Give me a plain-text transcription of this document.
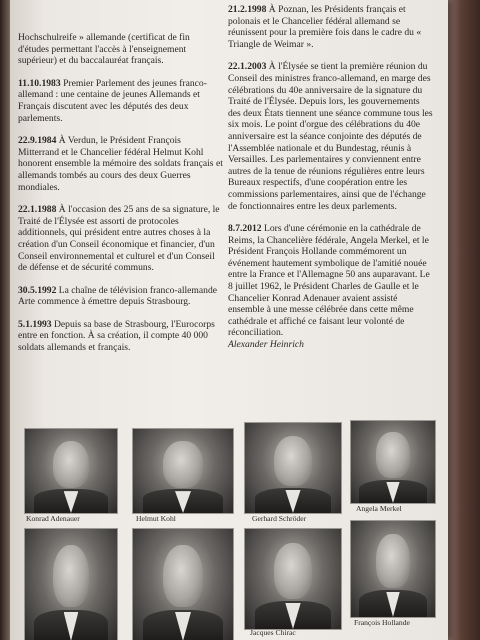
Hochschulreife » allemande (certificat de fin d'études permettant l'accès à l'enseignement supérieur) et du baccalauréat français.

11.10.1983 Premier Parlement des jeunes franco-allemand : une centaine de jeunes Allemands et Français discutent avec les députés des deux parlements.

22.9.1984 À Verdun, le Président François Mitterrand et le Chancelier fédéral Helmut Kohl honorent ensemble la mémoire des soldats français et allemands tombés au cours des deux Guerres mondiales.

22.1.1988 À l'occasion des 25 ans de sa signature, le Traité de l'Élysée est assorti de protocoles additionnels, qui président entre autres choses à la création d'un Conseil économique et financier, d'un Conseil environnemental et culturel et d'un Conseil de défense et de sécurité communs.

30.5.1992 La chaîne de télévision franco-allemande Arte commence à émettre depuis Strasbourg.

5.1.1993 Depuis sa base de Strasbourg, l'Eurocorps entre en fonction. À sa création, il compte 40 000 soldats allemands et français.

21.2.1998 À Poznan, les Présidents français et polonais et le Chancelier fédéral allemand se réunissent pour la première fois dans le cadre du « Triangle de Weimar ».

22.1.2003 À l'Élysée se tient la première réunion du Conseil des ministres franco-allemand, en marge des célébrations du 40e anniversaire de la signature du Traité de l'Élysée. Depuis lors, les gouvernements des deux États tiennent une séance commune tous les six mois. Le point d'orgue des célébrations du 40e anniversaire est la séance conjointe des députés de l'Assemblée nationale et du Bundestag, réunis à Versailles. Les parlementaires y conviennent entre autres de la tenue de réunions régulières entre leurs Bureaux respectifs, d'une coopération entre les commissions parlementaires, ainsi que de l'échange de fonctionnaires entre les deux parlements.

8.7.2012 Lors d'une cérémonie en la cathédrale de Reims, la Chancelière fédérale, Angela Merkel, et le Président François Hollande commémorent un événement hautement symbolique de l'amitié nouée entre la France et l'Allemagne 50 ans auparavant. Le 8 juillet 1962, le Président Charles de Gaulle et le Chancelier Konrad Adenauer avaient assisté ensemble à une messe célébrée dans cette même cathédrale et affiché ce faisant leur volonté de réconciliation.

Alexander Heinrich

Konrad Adenauer	Helmut Kohl	Gerhard Schröder
Angela Merkel
Jacques Chirac
François Hollande
